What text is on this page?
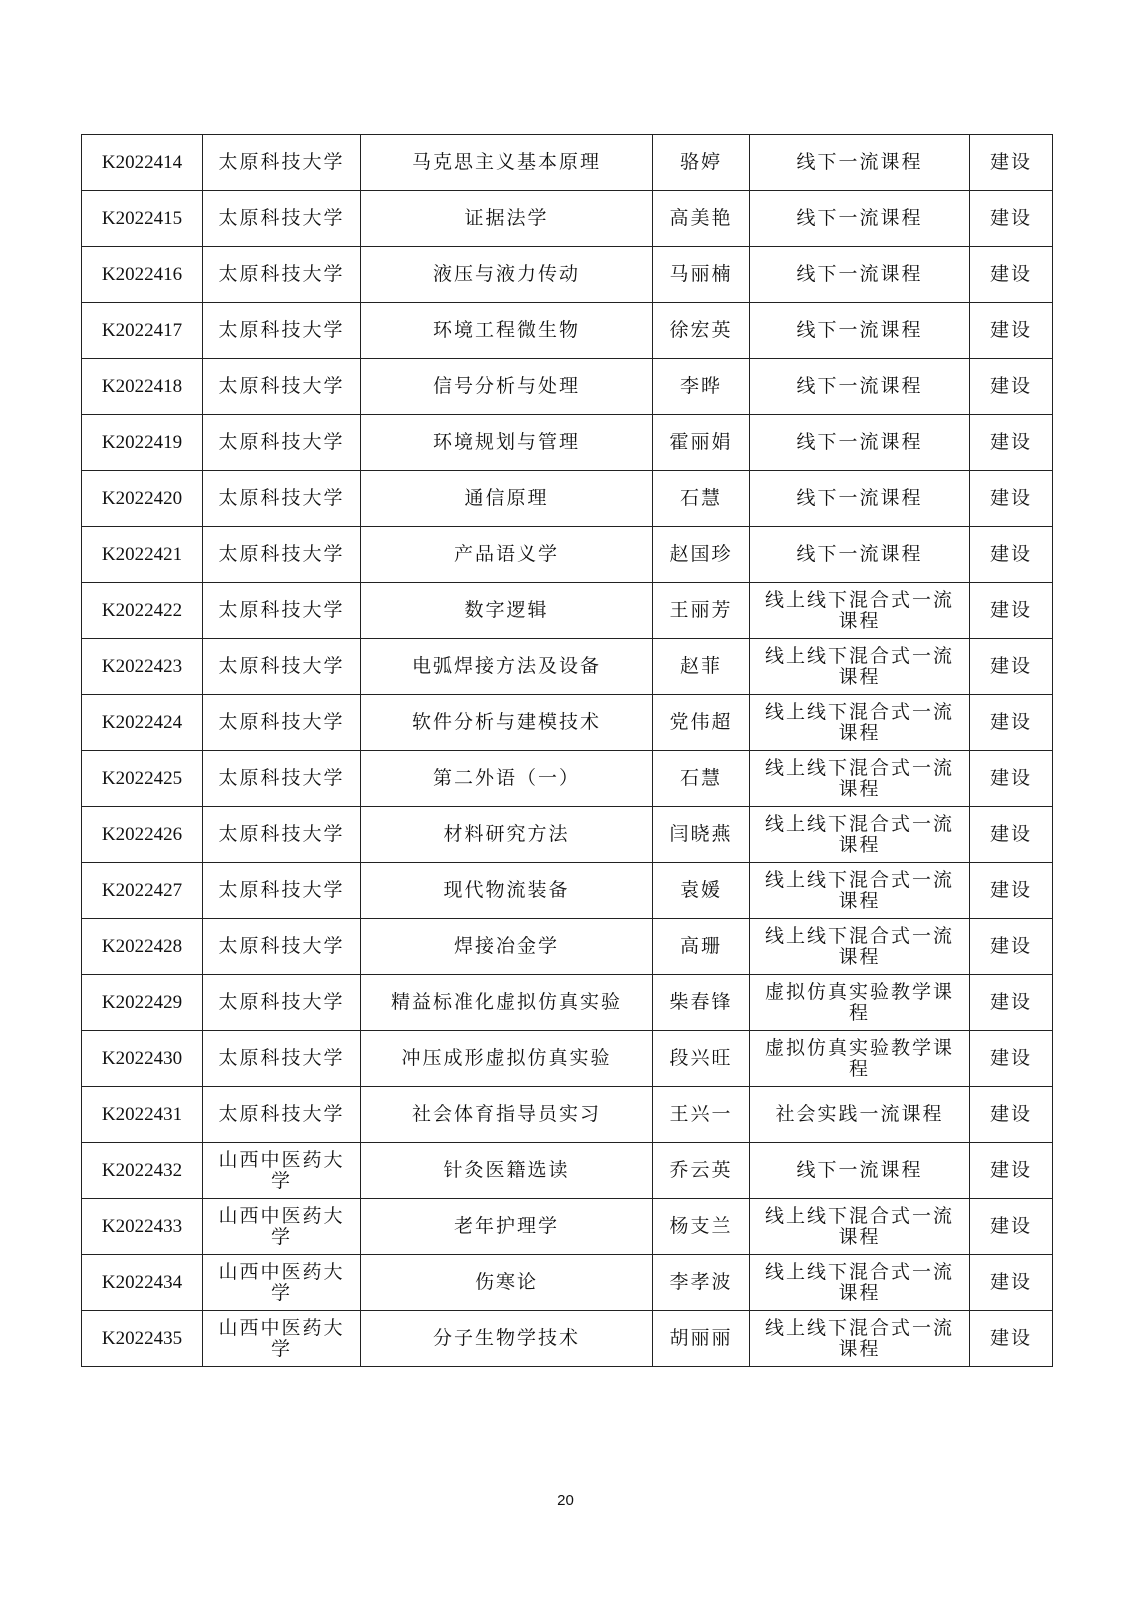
K2022414	太原科技大学	马克思主义基本原理	骆婷	线下一流课程	建设
K2022415	太原科技大学	证据法学	高美艳	线下一流课程	建设
K2022416	太原科技大学	液压与液力传动	马丽楠	线下一流课程	建设
K2022417	太原科技大学	环境工程微生物	徐宏英	线下一流课程	建设
K2022418	太原科技大学	信号分析与处理	李晔	线下一流课程	建设
K2022419	太原科技大学	环境规划与管理	霍丽娟	线下一流课程	建设
K2022420	太原科技大学	通信原理	石慧	线下一流课程	建设
K2022421	太原科技大学	产品语义学	赵国珍	线下一流课程	建设
K2022422	太原科技大学	数字逻辑	王丽芳	线上线下混合式一流课程	建设
K2022423	太原科技大学	电弧焊接方法及设备	赵菲	线上线下混合式一流课程	建设
K2022424	太原科技大学	软件分析与建模技术	党伟超	线上线下混合式一流课程	建设
K2022425	太原科技大学	第二外语（一）	石慧	线上线下混合式一流课程	建设
K2022426	太原科技大学	材料研究方法	闫晓燕	线上线下混合式一流课程	建设
K2022427	太原科技大学	现代物流装备	袁媛	线上线下混合式一流课程	建设
K2022428	太原科技大学	焊接冶金学	高珊	线上线下混合式一流课程	建设
K2022429	太原科技大学	精益标准化虚拟仿真实验	柴春锋	虚拟仿真实验教学课程	建设
K2022430	太原科技大学	冲压成形虚拟仿真实验	段兴旺	虚拟仿真实验教学课程	建设
K2022431	太原科技大学	社会体育指导员实习	王兴一	社会实践一流课程	建设
K2022432	山西中医药大学	针灸医籍选读	乔云英	线下一流课程	建设
K2022433	山西中医药大学	老年护理学	杨支兰	线上线下混合式一流课程	建设
K2022434	山西中医药大学	伤寒论	李孝波	线上线下混合式一流课程	建设
K2022435	山西中医药大学	分子生物学技术	胡丽丽	线上线下混合式一流课程	建设
20
